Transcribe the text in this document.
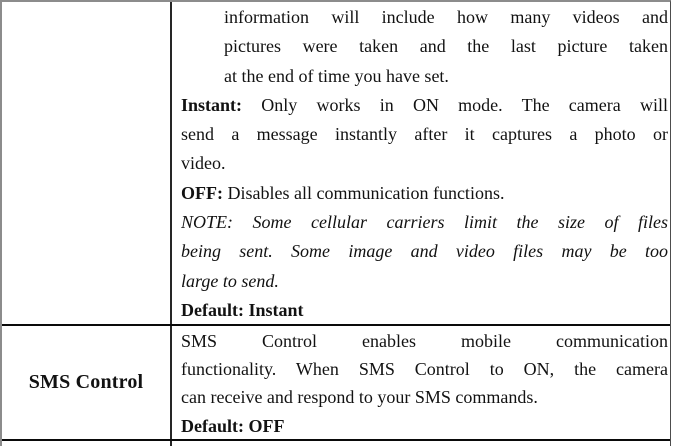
information will include how many videos and
pictures were taken and the last picture taken
at the end of time you have set.
Instant: Only works in ON mode. The camera will
send a message instantly after it captures a photo or
video.
OFF: Disables all communication functions.
NOTE: Some cellular carriers limit the size of files
being sent. Some image and video files may be too
large to send.
Default: Instant
SMS Control
SMS Control enables mobile communication
functionality. When SMS Control to ON, the camera
can receive and respond to your SMS commands.
Default: OFF
